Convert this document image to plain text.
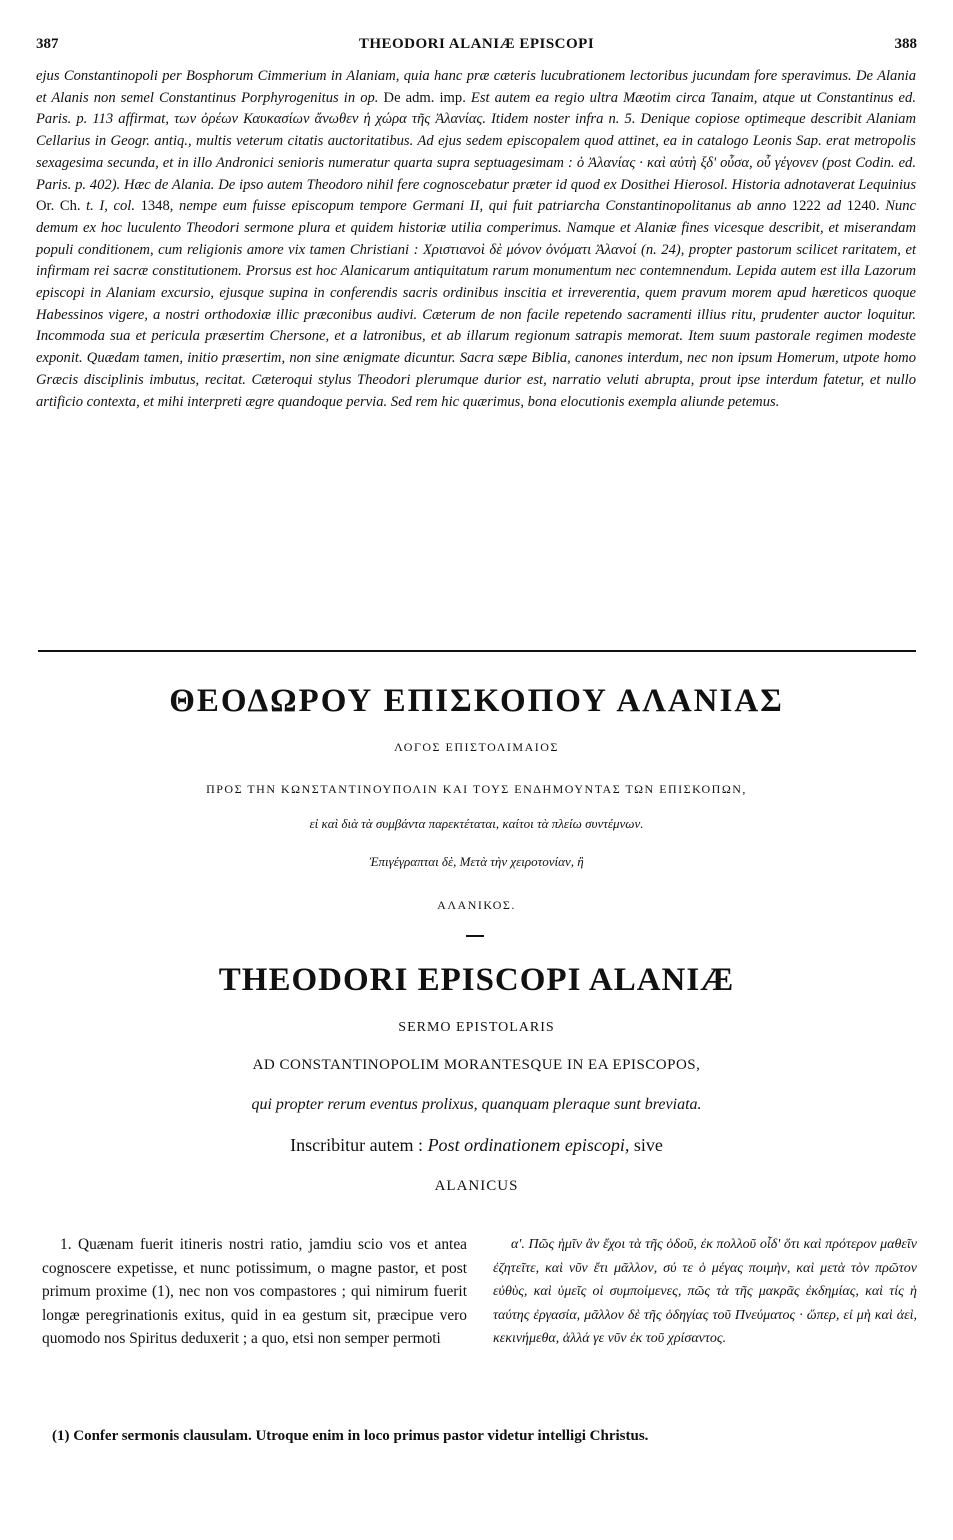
387	THEODORI ALANIÆ EPISCOPI	388

ejus Constantinopoli per Bosphorum Cimmerium in Alaniam, quia hanc præ cæteris lucubrationem lectoribus jucundam fore speravimus. De Alania et Alanis non semel Constantinus Porphyrogenitus in op. De adm. imp. Est autem ea regio ultra Mæotim circa Tanaim, atque ut Constantinus ed. Paris. p. 113 affirmat, των ὀρέων Καυκασίων ἄνωθεν ἡ χώρα τῆς Ἀλανίας. Itidem noster infra n. 5. Denique copiose optimeque describit Alaniam Cellarius in Geogr. antiq., multis veterum citatis auctoritatibus. Ad ejus sedem episcopalem quod attinet, ea in catalogo Leonis Sap. erat metropolis sexagesima secunda, et in illo Andronici senioris numeratur quarta supra septuagesimam : ὁ Ἀλανίας · καὶ αὐτὴ ξδ' οὖσα, οὗ γέγονεν (post Codin. ed. Paris. p. 402). Hæc de Alania. De ipso autem Theodoro nihil fere cognoscebatur præter id quod ex Dosithei Hierosol. Historia adnotaverat Lequinius Or. Ch. t. I, col. 1348, nempe eum fuisse episcopum tempore Germani II, qui fuit patriarcha Constantinopolitanus ab anno 1222 ad 1240. Nunc demum ex hoc luculento Theodori sermone plura et quidem historiæ utilia comperimus. Namque et Alaniæ fines vicesque describit, et miserandam populi conditionem, cum religionis amore vix tamen Christiani : Χριστιανοὶ δὲ μόνον ὀνόματι Ἀλανοί (n. 24), propter pastorum scilicet raritatem, et infirmam rei sacræ constitutionem. Prorsus est hoc Alanicarum antiquitatum rarum monumentum nec contemnendum. Lepida autem est illa Lazorum episcopi in Alaniam excursio, ejusque supina in conferendis sacris ordinibus inscitia et irreverentia, quem pravum morem apud hæreticos quoque Habessinos vigere, a nostri orthodoxiæ illic præconibus audivi. Cæterum de non facile repetendo sacramenti illius ritu, prudenter auctor loquitur. Incommoda sua et pericula præsertim Chersone, et a latronibus, et ab illarum regionum satrapis memorat. Item suum pastorale regimen modeste exponit. Quædam tamen, initio præsertim, non sine ænigmate dicuntur. Sacra sæpe Biblia, canones interdum, nec non ipsum Homerum, utpote homo Græcis disciplinis imbutus, recitat. Cæteroqui stylus Theodori plerumque durior est, narratio veluti abrupta, prout ipse interdum fatetur, et nullo artificio contexta, et mihi interpreti ægre quandoque pervia. Sed rem hic quærimus, bona elocutionis exempla aliunde petemus.

ΘΕΟΔΩΡΟΥ ΕΠΙΣΚΟΠΟΥ ΑΛΑΝΙΑΣ
ΛΟΓΟΣ ΕΠΙΣΤΟΛΙΜΑΙΟΣ
ΠΡΟΣ ΤΗΝ ΚΩΝΣΤΑΝΤΙΝΟΥΠΟΛΙΝ ΚΑΙ ΤΟΥΣ ΕΝΔΗΜΟΥΝΤΑΣ ΤΩΝ ΕΠΙΣΚΟΠΩΝ,
εἰ καὶ διὰ τὰ συμβάντα παρεκτέταται, καίτοι τὰ πλείω συντέμνων.
Ἐπιγέγραπται δὲ, Μετὰ τὴν χειροτονίαν, ἢ
ΑΛΑΝΙΚΟΣ.
THEODORI EPISCOPI ALANIÆ
SERMO EPISTOLARIS
AD CONSTANTINOPOLIM MORANTESQUE IN EA EPISCOPOS,
qui propter rerum eventus prolixus, quanquam pleraque sunt breviata.
Inscribitur autem : Post ordinationem episcopi, sive
ALANICUS

1. Quænam fuerit itineris nostri ratio, jamdiu scio vos et antea cognoscere expetisse, et nunc potissimum, o magne pastor, et post primum proxime (1), nec non vos compastores ; qui nimirum fuerit longæ peregrinationis exitus, quid in ea gestum sit, præcipue vero quomodo nos Spiritus deduxerit ; a quo, etsi non semper permoti

α'. Πῶς ἡμῖν ἂν ἔχοι τὰ τῆς ὁδοῦ, ἐκ πολλοῦ οἶδ' ὅτι καὶ πρότερον μαθεῖν ἐζητεῖτε, καὶ νῦν ἔτι μᾶλλον, σύ τε ὁ μέγας ποιμὴν, καὶ μετὰ τὸν πρῶτον εὐθὺς, καὶ ὑμεῖς οἱ συμποίμενες, πῶς τὰ τῆς μακρᾶς ἐκδημίας, καὶ τίς ἡ ταύτης ἐργασία, μᾶλλον δὲ τῆς ὁδηγίας τοῦ Πνεύματος · ὥπερ, εἰ μὴ καὶ ἀεὶ, κεκινήμεθα, ἀλλά γε νῦν ἐκ τοῦ χρίσαντος.

(1) Confer sermonis clausulam. Utroque enim in loco primus pastor videtur intelligi Christus.
